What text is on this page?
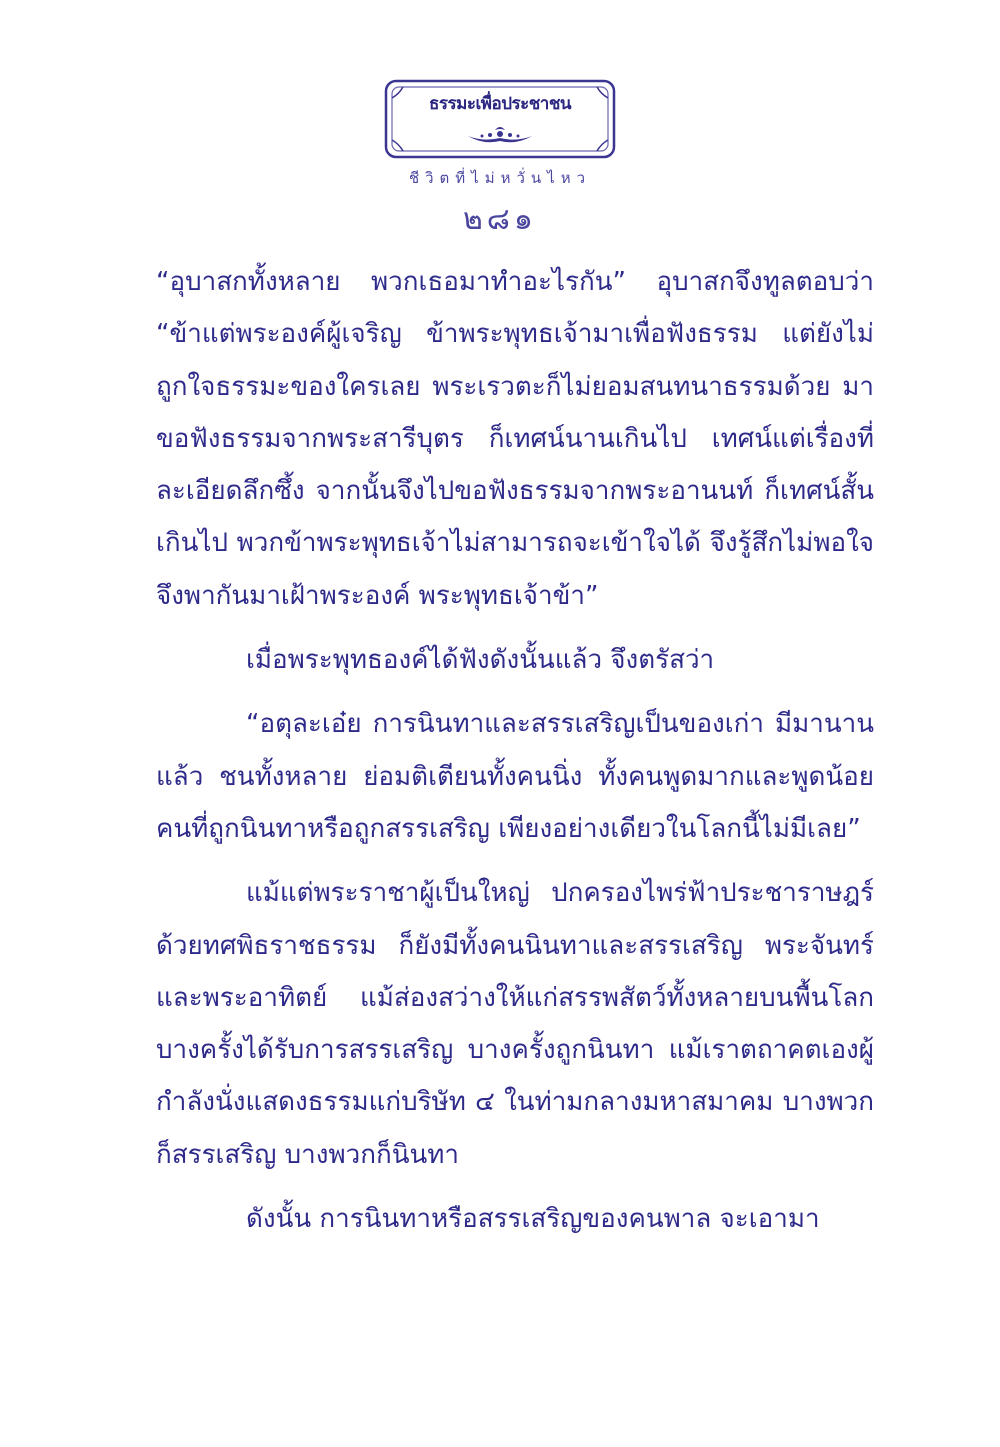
ธรรมะเพื่อประชาชน
ชีวิตที่ไม่หวั่นไหว
๒๘๑

“อุบาสกทั้งหลาย พวกเธอมาทำอะไรกัน” อุบาสกจึงทูลตอบว่า “ข้าแต่พระองค์ผู้เจริญ ข้าพระพุทธเจ้ามาเพื่อฟังธรรม แต่ยังไม่ถูกใจธรรมะของใครเลย พระเรวตะก็ไม่ยอมสนทนาธรรมด้วย มาขอฟังธรรมจากพระสารีบุตร ก็เทศน์นานเกินไป เทศน์แต่เรื่องที่ละเอียดลึกซึ้ง จากนั้นจึงไปขอฟังธรรมจากพระอานนท์ ก็เทศน์สั้นเกินไป พวกข้าพระพุทธเจ้าไม่สามารถจะเข้าใจได้ จึงรู้สึกไม่พอใจ จึงพากันมาเฝ้าพระองค์ พระพุทธเจ้าข้า”

เมื่อพระพุทธองค์ได้ฟังดังนั้นแล้ว จึงตรัสว่า

“อตุละเอ๋ย การนินทาและสรรเสริญเป็นของเก่า มีมานานแล้ว ชนทั้งหลาย ย่อมติเตียนทั้งคนนิ่ง ทั้งคนพูดมากและพูดน้อย คนที่ถูกนินทาหรือถูกสรรเสริญ เพียงอย่างเดียวในโลกนี้ไม่มีเลย”

แม้แต่พระราชาผู้เป็นใหญ่ ปกครองไพร่ฟ้าประชาราษฎร์ด้วยทศพิธราชธรรม ก็ยังมีทั้งคนนินทาและสรรเสริญ พระจันทร์และพระอาทิตย์ แม้ส่องสว่างให้แก่สรรพสัตว์ทั้งหลายบนพื้นโลก บางครั้งได้รับการสรรเสริญ บางครั้งถูกนินทา แม้เราตถาคตเองผู้กำลังนั่งแสดงธรรมแก่บริษัท ๔ ในท่ามกลางมหาสมาคม บางพวกก็สรรเสริญ บางพวกก็นินทา

ดังนั้น การนินทาหรือสรรเสริญของคนพาล จะเอามา
